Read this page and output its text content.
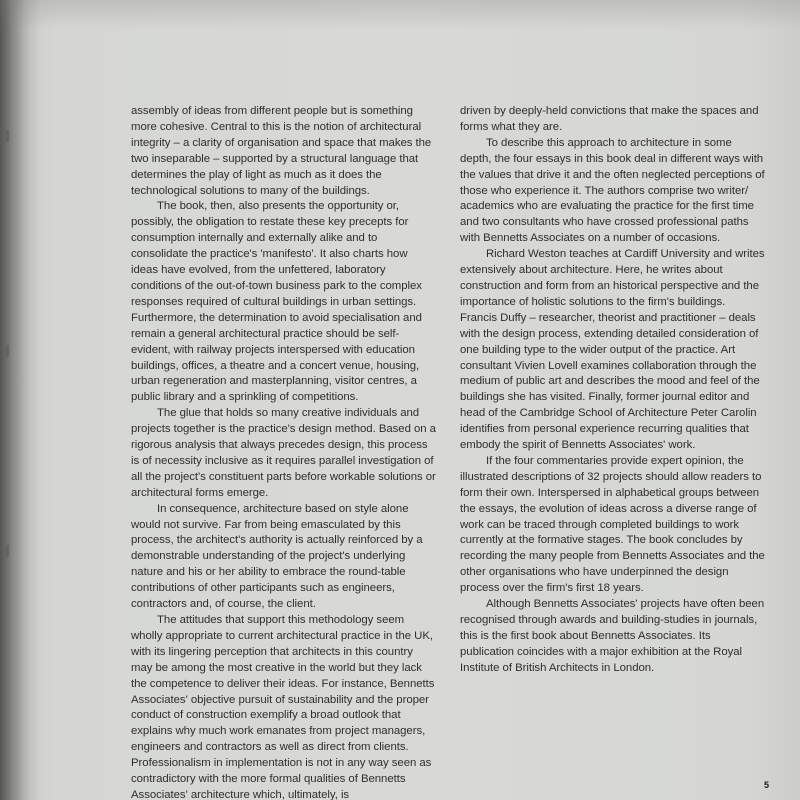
assembly of ideas from different people but is something more cohesive. Central to this is the notion of architectural integrity – a clarity of organisation and space that makes the two inseparable – supported by a structural language that determines the play of light as much as it does the technological solutions to many of the buildings.

The book, then, also presents the opportunity or, possibly, the obligation to restate these key precepts for consumption internally and externally alike and to consolidate the practice's 'manifesto'. It also charts how ideas have evolved, from the unfettered, laboratory conditions of the out-of-town business park to the complex responses required of cultural buildings in urban settings. Furthermore, the determination to avoid specialisation and remain a general architectural practice should be self-evident, with railway projects interspersed with education buildings, offices, a theatre and a concert venue, housing, urban regeneration and masterplanning, visitor centres, a public library and a sprinkling of competitions.

The glue that holds so many creative individuals and projects together is the practice's design method. Based on a rigorous analysis that always precedes design, this process is of necessity inclusive as it requires parallel investigation of all the project's constituent parts before workable solutions or architectural forms emerge.

In consequence, architecture based on style alone would not survive. Far from being emasculated by this process, the architect's authority is actually reinforced by a demonstrable understanding of the project's underlying nature and his or her ability to embrace the round-table contributions of other participants such as engineers, contractors and, of course, the client.

The attitudes that support this methodology seem wholly appropriate to current architectural practice in the UK, with its lingering perception that architects in this country may be among the most creative in the world but they lack the competence to deliver their ideas. For instance, Bennetts Associates' objective pursuit of sustainability and the proper conduct of construction exemplify a broad outlook that explains why much work emanates from project managers, engineers and contractors as well as direct from clients. Professionalism in implementation is not in any way seen as contradictory with the more formal qualities of Bennetts Associates' architecture which, ultimately, is

driven by deeply-held convictions that make the spaces and forms what they are.

To describe this approach to architecture in some depth, the four essays in this book deal in different ways with the values that drive it and the often neglected perceptions of those who experience it. The authors comprise two writer/ academics who are evaluating the practice for the first time and two consultants who have crossed professional paths with Bennetts Associates on a number of occasions.

Richard Weston teaches at Cardiff University and writes extensively about architecture. Here, he writes about construction and form from an historical perspective and the importance of holistic solutions to the firm's buildings. Francis Duffy – researcher, theorist and practitioner – deals with the design process, extending detailed consideration of one building type to the wider output of the practice. Art consultant Vivien Lovell examines collaboration through the medium of public art and describes the mood and feel of the buildings she has visited. Finally, former journal editor and head of the Cambridge School of Architecture Peter Carolin identifies from personal experience recurring qualities that embody the spirit of Bennetts Associates' work.

If the four commentaries provide expert opinion, the illustrated descriptions of 32 projects should allow readers to form their own. Interspersed in alphabetical groups between the essays, the evolution of ideas across a diverse range of work can be traced through completed buildings to work currently at the formative stages. The book concludes by recording the many people from Bennetts Associates and the other organisations who have underpinned the design process over the firm's first 18 years.

Although Bennetts Associates' projects have often been recognised through awards and building-studies in journals, this is the first book about Bennetts Associates. Its publication coincides with a major exhibition at the Royal Institute of British Architects in London.

5
